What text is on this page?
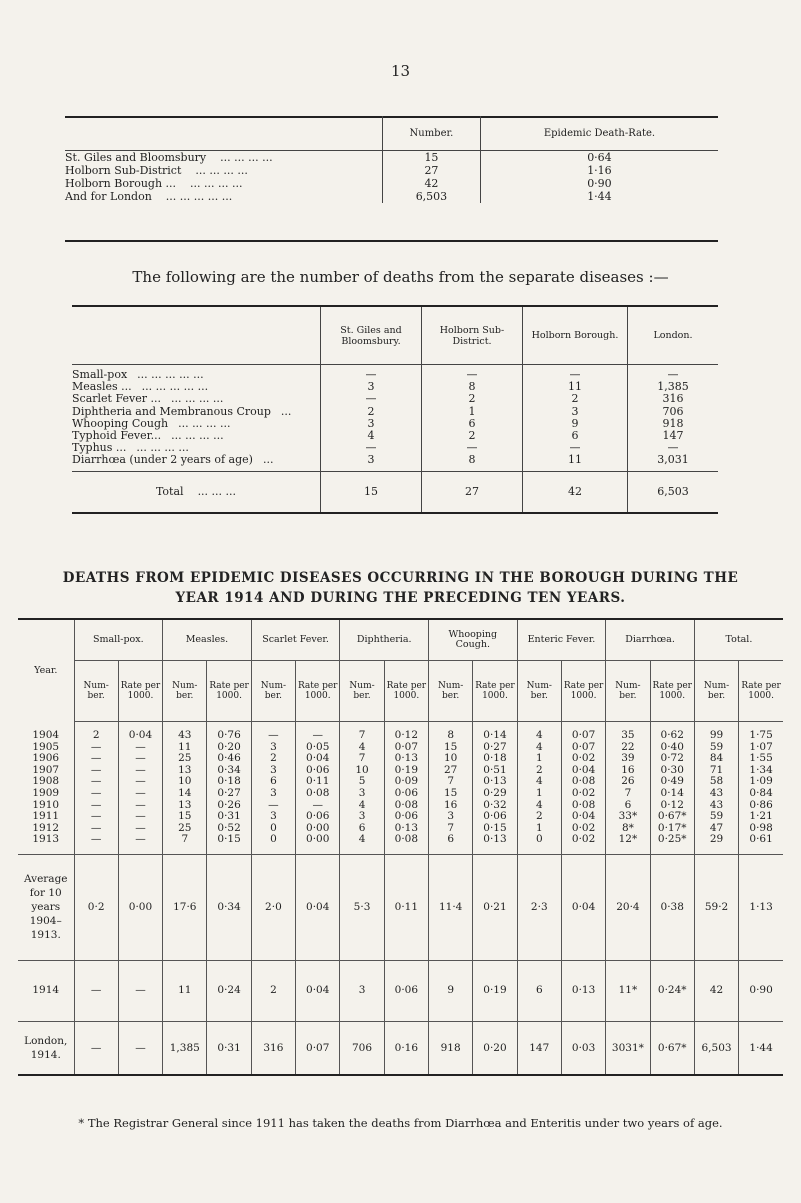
13
	Number.	Epidemic Death-Rate.
St. Giles and Bloomsbury ... ... ... ...	15	0·64
Holborn Sub-District ... ... ... ...	27	1·16
Holborn Borough ... ... ... ... ...	42	0·90
And for London ... ... ... ... ...	6,503	1·44
The following are the number of deaths from the separate diseases :—
	St. Giles and Bloomsbury.	Holborn Sub-District.	Holborn Borough.	London.

Small-pox ... ... ... ... ...	—	—	—	—
Measles ... ... ... ... ... ...	3	8	11	1,385
Scarlet Fever ... ... ... ... ...	—	2	2	316
Diphtheria and Membranous Croup ...	2	1	3	706
Whooping Cough ... ... ... ...	3	6	9	918
Typhoid Fever... ... ... ... ...	4	2	6	147
Typhus ... ... ... ... ...	—	—	—	—
Diarrhœa (under 2 years of age) ...	3	8	11	3,031

Total ... ... ...	15	27	42	6,503
DEATHS FROM EPIDEMIC DISEASES OCCURRING IN THE BOROUGH DURING THE
YEAR 1914 AND DURING THE PRECEDING TEN YEARS.
Year.	Small-pox.		Measles.		Scarlet Fever.		Diphtheria.		Whooping Cough.		Enteric Fever.		Diarrhœa.		Total.	
	Num- ber.	Rate per 1000.	Num- ber.	Rate per 1000.	Num- ber.	Rate per 1000.	Num- ber.	Rate per 1000.	Num- ber.	Rate per 1000.	Num- ber.	Rate per 1000.	Num- ber.	Rate per 1000.	Num- ber.	Rate per 1000.

1904	2	0·04	43	0·76	—	—	7	0·12	8	0·14	4	0·07	35	0·62	99	1·75
1905	—	—	11	0·20	3	0·05	4	0·07	15	0·27	4	0·07	22	0·40	59	1·07
1906	—	—	25	0·46	2	0·04	7	0·13	10	0·18	1	0·02	39	0·72	84	1·55
1907	—	—	13	0·34	3	0·06	10	0·19	27	0·51	2	0·04	16	0·30	71	1·34
1908	—	—	10	0·18	6	0·11	5	0·09	7	0·13	4	0·08	26	0·49	58	1·09
1909	—	—	14	0·27	3	0·08	3	0·06	15	0·29	1	0·02	7	0·14	43	0·84
1910	—	—	13	0·26	—	—	4	0·08	16	0·32	4	0·08	6	0·12	43	0·86
1911	—	—	15	0·31	3	0·06	3	0·06	3	0·06	2	0·04	33*	0·67*	59	1·21
1912	—	—	25	0·52	0	0·00	6	0·13	7	0·15	1	0·02	8*	0·17*	47	0·98
1913	—	—	7	0·15	0	0·00	4	0·08	6	0·13	0	0·02	12*	0·25*	29	0·61

Average
for 10
years
1904–
1913.	0·2	0·00	17·6	0·34	2·0	0·04	5·3	0·11	11·4	0·21	2·3	0·04	20·4	0·38	59·2	1·13
1914	—	—	11	0·24	2	0·04	3	0·06	9	0·19	6	0·13	11*	0·24*	42	0·90

London,
1914.	—	—	1,385	0·31	316	0·07	706	0·16	918	0·20	147	0·03	3031*	0·67*	6,503	1·44
* The Registrar General since 1911 has taken the deaths from Diarrhœa and Enteritis under two years of age.
